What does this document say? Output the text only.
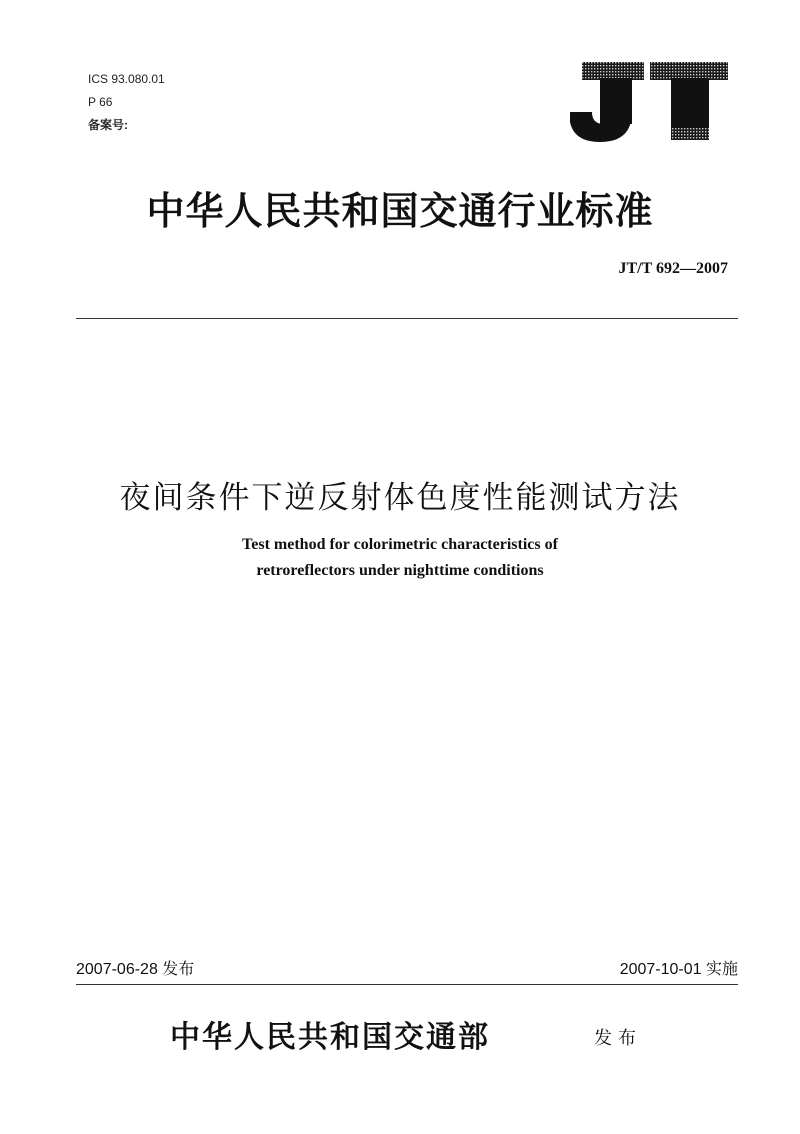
ICS 93.080.01
P 66
备案号:
中华人民共和国交通行业标准
JT/T 692—2007
夜间条件下逆反射体色度性能测试方法
Test method for colorimetric characteristics of
retroreflectors under nighttime conditions
2007-06-28 发布	2007-10-01 实施
中华人民共和国交通部	发布
